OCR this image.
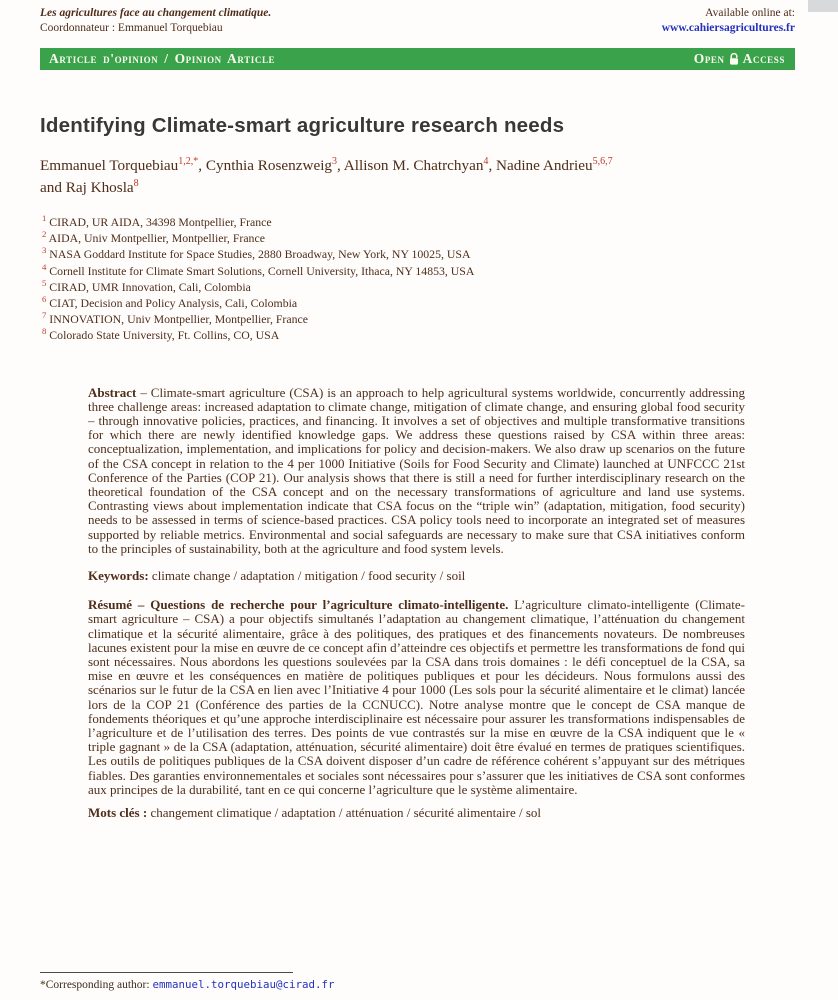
Les agricultures face au changement climatique.
Coordonnateur : Emmanuel Torquebiau
Available online at:
www.cahiersagricultures.fr
Article d'opinion / Opinion Article	Open Access
Identifying Climate-smart agriculture research needs
Emmanuel Torquebiau$^{1,2,*}$, Cynthia Rosenzweig$^3$, Allison M. Chatrchyan$^4$, Nadine Andrieu$^{5,6,7}$
and Raj Khosla$^8$
$^1$ CIRAD, UR AIDA, 34398 Montpellier, France
$^2$ AIDA, Univ Montpellier, Montpellier, France
$^3$ NASA Goddard Institute for Space Studies, 2880 Broadway, New York, NY 10025, USA
$^4$ Cornell Institute for Climate Smart Solutions, Cornell University, Ithaca, NY 14853, USA
$^5$ CIRAD, UMR Innovation, Cali, Colombia
$^6$ CIAT, Decision and Policy Analysis, Cali, Colombia
$^7$ INNOVATION, Univ Montpellier, Montpellier, France
$^8$ Colorado State University, Ft. Collins, CO, USA
Abstract – Climate-smart agriculture (CSA) is an approach to help agricultural systems worldwide, concurrently addressing three challenge areas: increased adaptation to climate change, mitigation of climate change, and ensuring global food security – through innovative policies, practices, and financing. It involves a set of objectives and multiple transformative transitions for which there are newly identified knowledge gaps. We address these questions raised by CSA within three areas: conceptualization, implementation, and implications for policy and decision-makers. We also draw up scenarios on the future of the CSA concept in relation to the 4 per 1000 Initiative (Soils for Food Security and Climate) launched at UNFCCC 21st Conference of the Parties (COP 21). Our analysis shows that there is still a need for further interdisciplinary research on the theoretical foundation of the CSA concept and on the necessary transformations of agriculture and land use systems. Contrasting views about implementation indicate that CSA focus on the “triple win” (adaptation, mitigation, food security) needs to be assessed in terms of science-based practices. CSA policy tools need to incorporate an integrated set of measures supported by reliable metrics. Environmental and social safeguards are necessary to make sure that CSA initiatives conform to the principles of sustainability, both at the agriculture and food system levels.
Keywords: climate change / adaptation / mitigation / food security / soil
Résumé – Questions de recherche pour l’agriculture climato-intelligente. L’agriculture climato-intelligente (Climate-smart agriculture – CSA) a pour objectifs simultanés l’adaptation au changement climatique, l’atténuation du changement climatique et la sécurité alimentaire, grâce à des politiques, des pratiques et des financements novateurs. De nombreuses lacunes existent pour la mise en œuvre de ce concept afin d’atteindre ces objectifs et permettre les transformations de fond qui sont nécessaires. Nous abordons les questions soulevées par la CSA dans trois domaines : le défi conceptuel de la CSA, sa mise en œuvre et les conséquences en matière de politiques publiques et pour les décideurs. Nous formulons aussi des scénarios sur le futur de la CSA en lien avec l’Initiative 4 pour 1000 (Les sols pour la sécurité alimentaire et le climat) lancée lors de la COP 21 (Conférence des parties de la CCNUCC). Notre analyse montre que le concept de CSA manque de fondements théoriques et qu’une approche interdisciplinaire est nécessaire pour assurer les transformations indispensables de l’agriculture et de l’utilisation des terres. Des points de vue contrastés sur la mise en œuvre de la CSA indiquent que le « triple gagnant » de la CSA (adaptation, atténuation, sécurité alimentaire) doit être évalué en termes de pratiques scientifiques. Les outils de politiques publiques de la CSA doivent disposer d’un cadre de référence cohérent s’appuyant sur des métriques fiables. Des garanties environnementales et sociales sont nécessaires pour s’assurer que les initiatives de CSA sont conformes aux principes de la durabilité, tant en ce qui concerne l’agriculture que le système alimentaire.
Mots clés : changement climatique / adaptation / atténuation / sécurité alimentaire / sol
*Corresponding author: emmanuel.torquebiau@cirad.fr
